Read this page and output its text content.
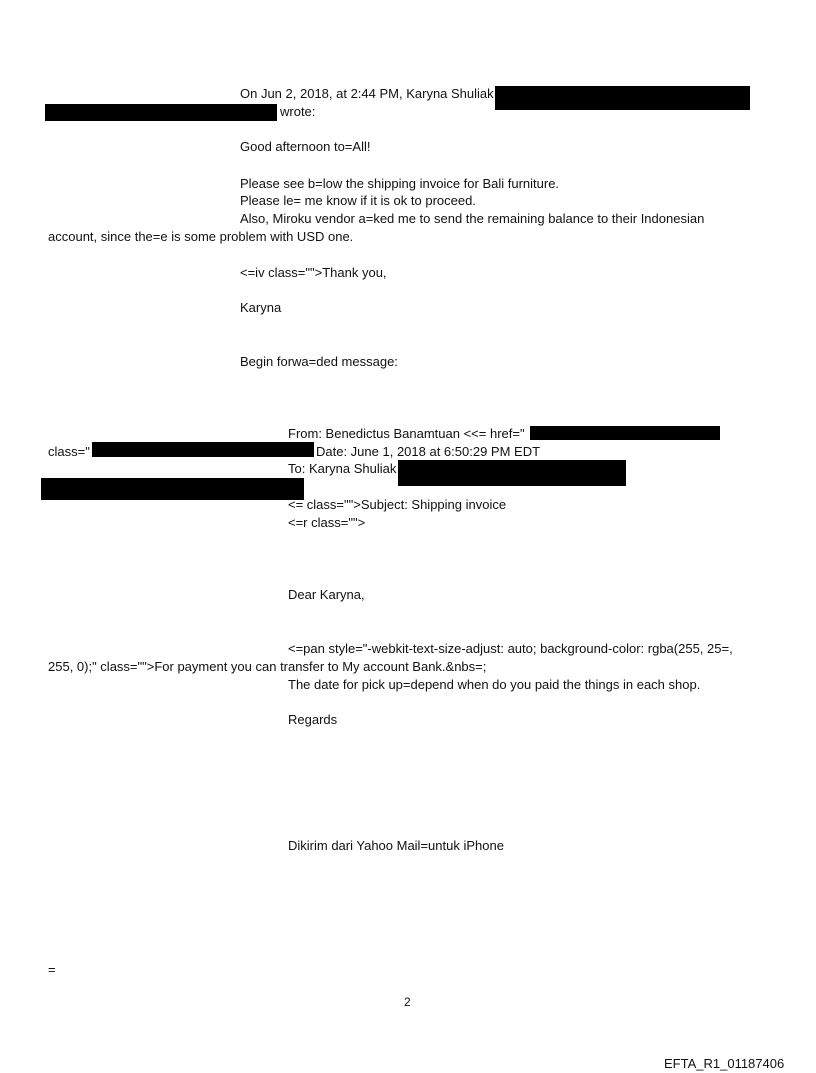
On Jun 2, 2018, at 2:44 PM, Karyna Shuliak
wrote:
Good afternoon to=All!
Please see b=low the shipping invoice for Bali furniture.
Please le= me know if it is ok to proceed.
Also, Miroku vendor a=ked me to send the remaining balance to their Indonesian
account, since the=e is some problem with USD one.
<=iv class="">Thank you,
Karyna
Begin forwa=ded message:
From: Benedictus Banamtuan <<= href="
class="	Date: June 1, 2018 at 6:50:29 PM EDT
To: Karyna Shuliak
<= class="">Subject: Shipping invoice
<=r class="">
Dear Karyna,
<=pan style="-webkit-text-size-adjust: auto; background-color: rgba(255, 25=,
255, 0);" class="">For payment you can transfer to My account Bank.&nbs=;
The date for pick up=depend when do you paid the things in each shop.
Regards
Dikirim dari Yahoo Mail=untuk iPhone
=
2
EFTA_R1_01187406
